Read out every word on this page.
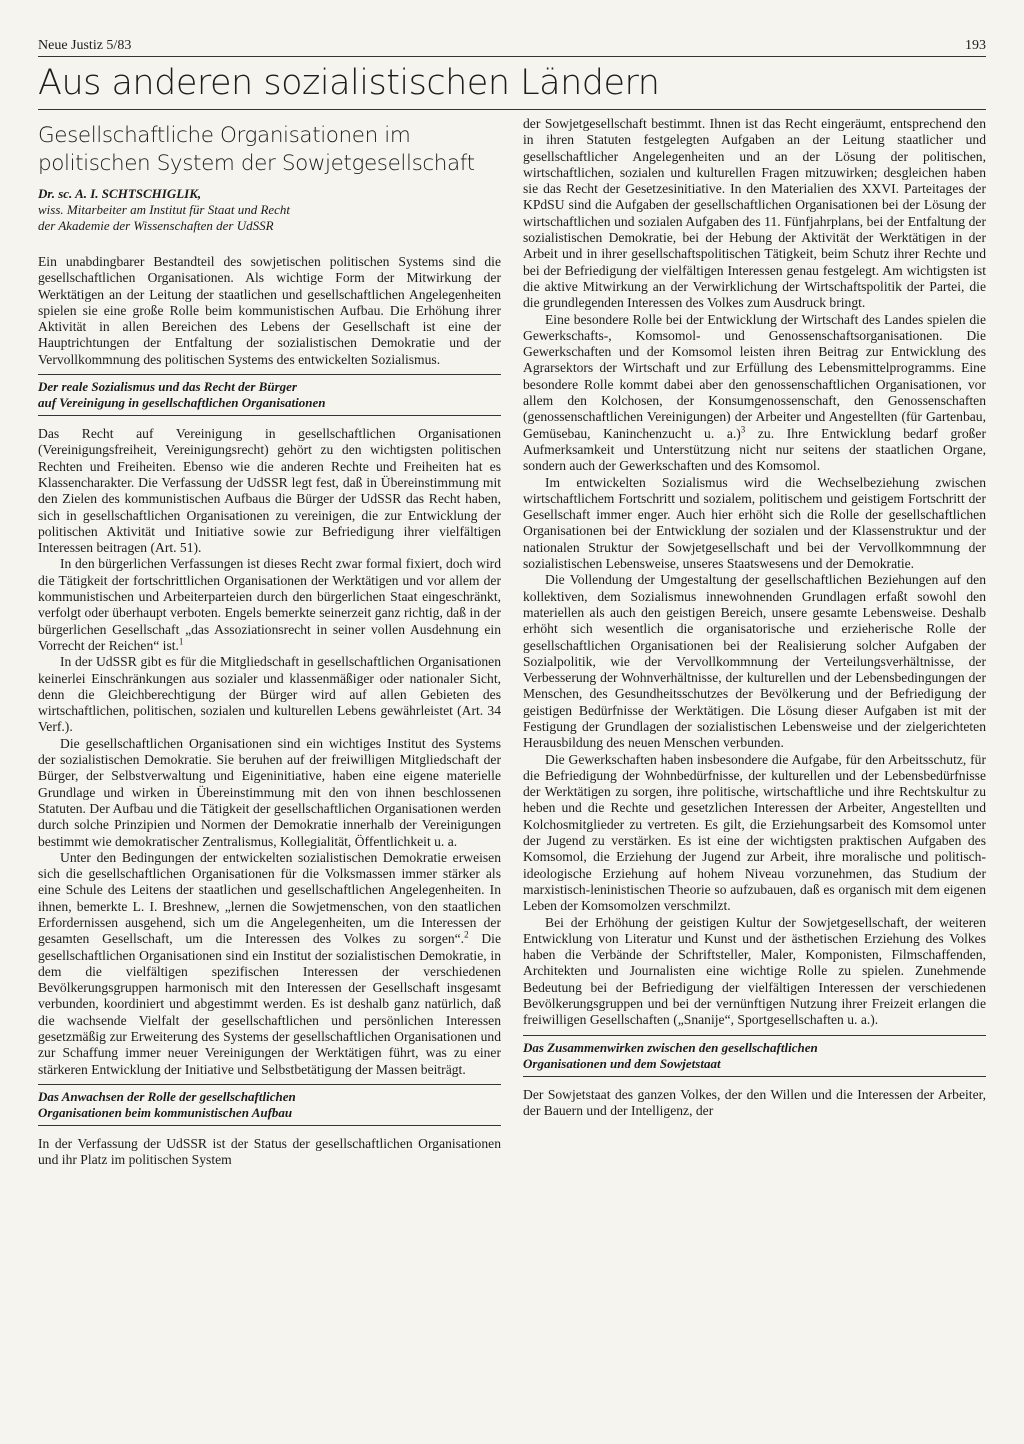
Neue Justiz 5/83	193
Aus anderen sozialistischen Ländern
Gesellschaftliche Organisationen im
politischen System der Sowjetgesellschaft
Dr. sc. A. I. SCHTSCHIGLIK,
wiss. Mitarbeiter am Institut für Staat und Recht
der Akademie der Wissenschaften der UdSSR

Ein unabdingbarer Bestandteil des sowjetischen politischen Systems sind die gesellschaftlichen Organisationen. Als wichtige Form der Mitwirkung der Werktätigen an der Leitung der staatlichen und gesellschaftlichen Angelegenheiten spielen sie eine große Rolle beim kommunistischen Aufbau. Die Erhöhung ihrer Aktivität in allen Bereichen des Lebens der Gesellschaft ist eine der Hauptrichtungen der Entfaltung der sozialistischen Demokratie und der Vervollkommnung des politischen Systems des entwickelten Sozialismus.

Der reale Sozialismus und das Recht der Bürger
auf Vereinigung in gesellschaftlichen Organisationen

Das Recht auf Vereinigung in gesellschaftlichen Organisationen (Vereinigungsfreiheit, Vereinigungsrecht) gehört zu den wichtigsten politischen Rechten und Freiheiten. Ebenso wie die anderen Rechte und Freiheiten hat es Klassencharakter. Die Verfassung der UdSSR legt fest, daß in Übereinstimmung mit den Zielen des kommunistischen Aufbaus die Bürger der UdSSR das Recht haben, sich in gesellschaftlichen Organisationen zu vereinigen, die zur Entwicklung der politischen Aktivität und Initiative sowie zur Befriedigung ihrer vielfältigen Interessen beitragen (Art. 51).

In den bürgerlichen Verfassungen ist dieses Recht zwar formal fixiert, doch wird die Tätigkeit der fortschrittlichen Organisationen der Werktätigen und vor allem der kommunistischen und Arbeiterparteien durch den bürgerlichen Staat eingeschränkt, verfolgt oder überhaupt verboten. Engels bemerkte seinerzeit ganz richtig, daß in der bürgerlichen Gesellschaft „das Assoziationsrecht in seiner vollen Ausdehnung ein Vorrecht der Reichen“ ist.$^1$

In der UdSSR gibt es für die Mitgliedschaft in gesellschaftlichen Organisationen keinerlei Einschränkungen aus sozialer und klassenmäßiger oder nationaler Sicht, denn die Gleichberechtigung der Bürger wird auf allen Gebieten des wirtschaftlichen, politischen, sozialen und kulturellen Lebens gewährleistet (Art. 34 Verf.).

Die gesellschaftlichen Organisationen sind ein wichtiges Institut des Systems der sozialistischen Demokratie. Sie beruhen auf der freiwilligen Mitgliedschaft der Bürger, der Selbstverwaltung und Eigeninitiative, haben eine eigene materielle Grundlage und wirken in Übereinstimmung mit den von ihnen beschlossenen Statuten. Der Aufbau und die Tätigkeit der gesellschaftlichen Organisationen werden durch solche Prinzipien und Normen der Demokratie innerhalb der Vereinigungen bestimmt wie demokratischer Zentralismus, Kollegialität, Öffentlichkeit u. a.

Unter den Bedingungen der entwickelten sozialistischen Demokratie erweisen sich die gesellschaftlichen Organisationen für die Volksmassen immer stärker als eine Schule des Leitens der staatlichen und gesellschaftlichen Angelegenheiten. In ihnen, bemerkte L. I. Breshnew, „lernen die Sowjetmenschen, von den staatlichen Erfordernissen ausgehend, sich um die Angelegenheiten, um die Interessen der gesamten Gesellschaft, um die Interessen des Volkes zu sorgen“.$^2$ Die gesellschaftlichen Organisationen sind ein Institut der sozialistischen Demokratie, in dem die vielfältigen spezifischen Interessen der verschiedenen Bevölkerungsgruppen harmonisch mit den Interessen der Gesellschaft insgesamt verbunden, koordiniert und abgestimmt werden. Es ist deshalb ganz natürlich, daß die wachsende Vielfalt der gesellschaftlichen und persönlichen Interessen gesetzmäßig zur Erweiterung des Systems der gesellschaftlichen Organisationen und zur Schaffung immer neuer Vereinigungen der Werktätigen führt, was zu einer stärkeren Entwicklung der Initiative und Selbstbetätigung der Massen beiträgt.

Das Anwachsen der Rolle der gesellschaftlichen
Organisationen beim kommunistischen Aufbau

In der Verfassung der UdSSR ist der Status der gesellschaftlichen Organisationen und ihr Platz im politischen System

der Sowjetgesellschaft bestimmt. Ihnen ist das Recht eingeräumt, entsprechend den in ihren Statuten festgelegten Aufgaben an der Leitung staatlicher und gesellschaftlicher Angelegenheiten und an der Lösung der politischen, wirtschaftlichen, sozialen und kulturellen Fragen mitzuwirken; desgleichen haben sie das Recht der Gesetzesinitiative. In den Materialien des XXVI. Parteitages der KPdSU sind die Aufgaben der gesellschaftlichen Organisationen bei der Lösung der wirtschaftlichen und sozialen Aufgaben des 11. Fünfjahrplans, bei der Entfaltung der sozialistischen Demokratie, bei der Hebung der Aktivität der Werktätigen in der Arbeit und in ihrer gesellschaftspolitischen Tätigkeit, beim Schutz ihrer Rechte und bei der Befriedigung der vielfältigen Interessen genau festgelegt. Am wichtigsten ist die aktive Mitwirkung an der Verwirklichung der Wirtschaftspolitik der Partei, die die grundlegenden Interessen des Volkes zum Ausdruck bringt.

Eine besondere Rolle bei der Entwicklung der Wirtschaft des Landes spielen die Gewerkschafts-, Komsomol- und Genossenschaftsorganisationen. Die Gewerkschaften und der Komsomol leisten ihren Beitrag zur Entwicklung des Agrarsektors der Wirtschaft und zur Erfüllung des Lebensmittelprogramms. Eine besondere Rolle kommt dabei aber den genossenschaftlichen Organisationen, vor allem den Kolchosen, der Konsumgenossenschaft, den Genossenschaften (genossenschaftlichen Vereinigungen) der Arbeiter und Angestellten (für Gartenbau, Gemüsebau, Kaninchenzucht u. a.)$^3$ zu. Ihre Entwicklung bedarf großer Aufmerksamkeit und Unterstützung nicht nur seitens der staatlichen Organe, sondern auch der Gewerkschaften und des Komsomol.

Im entwickelten Sozialismus wird die Wechselbeziehung zwischen wirtschaftlichem Fortschritt und sozialem, politischem und geistigem Fortschritt der Gesellschaft immer enger. Auch hier erhöht sich die Rolle der gesellschaftlichen Organisationen bei der Entwicklung der sozialen und der Klassenstruktur und der nationalen Struktur der Sowjetgesellschaft und bei der Vervollkommnung der sozialistischen Lebensweise, unseres Staatswesens und der Demokratie.

Die Vollendung der Umgestaltung der gesellschaftlichen Beziehungen auf den kollektiven, dem Sozialismus innewohnenden Grundlagen erfaßt sowohl den materiellen als auch den geistigen Bereich, unsere gesamte Lebensweise. Deshalb erhöht sich wesentlich die organisatorische und erzieherische Rolle der gesellschaftlichen Organisationen bei der Realisierung solcher Aufgaben der Sozialpolitik, wie der Vervollkommnung der Verteilungsverhältnisse, der Verbesserung der Wohnverhältnisse, der kulturellen und der Lebensbedingungen der Menschen, des Gesundheitsschutzes der Bevölkerung und der Befriedigung der geistigen Bedürfnisse der Werktätigen. Die Lösung dieser Aufgaben ist mit der Festigung der Grundlagen der sozialistischen Lebensweise und der zielgerichteten Herausbildung des neuen Menschen verbunden.

Die Gewerkschaften haben insbesondere die Aufgabe, für den Arbeitsschutz, für die Befriedigung der Wohnbedürfnisse, der kulturellen und der Lebensbedürfnisse der Werktätigen zu sorgen, ihre politische, wirtschaftliche und ihre Rechtskultur zu heben und die Rechte und gesetzlichen Interessen der Arbeiter, Angestellten und Kolchosmitglieder zu vertreten. Es gilt, die Erziehungsarbeit des Komsomol unter der Jugend zu verstärken. Es ist eine der wichtigsten praktischen Aufgaben des Komsomol, die Erziehung der Jugend zur Arbeit, ihre moralische und politisch-ideologische Erziehung auf hohem Niveau vorzunehmen, das Studium der marxistisch-leninistischen Theorie so aufzubauen, daß es organisch mit dem eigenen Leben der Komsomolzen verschmilzt.

Bei der Erhöhung der geistigen Kultur der Sowjetgesellschaft, der weiteren Entwicklung von Literatur und Kunst und der ästhetischen Erziehung des Volkes haben die Verbände der Schriftsteller, Maler, Komponisten, Filmschaffenden, Architekten und Journalisten eine wichtige Rolle zu spielen. Zunehmende Bedeutung bei der Befriedigung der vielfältigen Interessen der verschiedenen Bevölkerungsgruppen und bei der vernünftigen Nutzung ihrer Freizeit erlangen die freiwilligen Gesellschaften („Snanije“, Sportgesellschaften u. a.).

Das Zusammenwirken zwischen den gesellschaftlichen
Organisationen und dem Sowjetstaat

Der Sowjetstaat des ganzen Volkes, der den Willen und die Interessen der Arbeiter, der Bauern und der Intelligenz, der
